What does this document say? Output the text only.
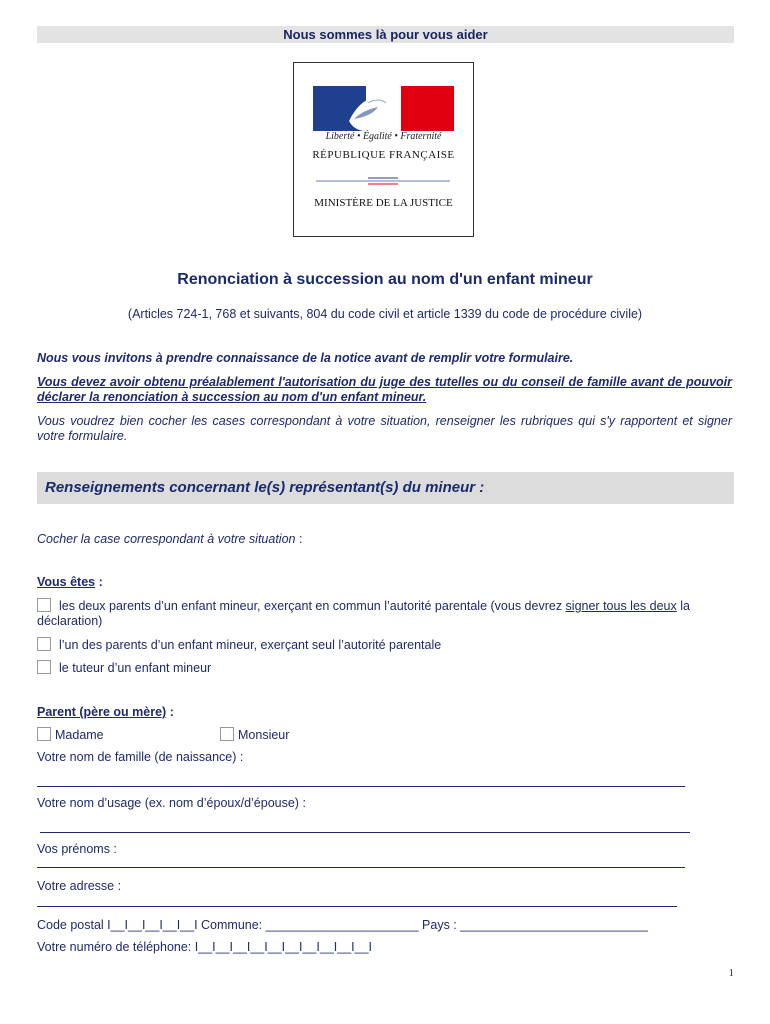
Nous sommes là pour vous aider
Liberté • Égalité • Fraternité
RÉPUBLIQUE FRANÇAISE
MINISTÈRE DE LA JUSTICE
Renonciation à succession au nom d'un enfant mineur
(Articles 724-1, 768 et suivants, 804 du code civil et article 1339 du code de procédure civile)
Nous vous invitons à prendre connaissance de la notice avant de remplir votre formulaire.
Vous devez avoir obtenu préalablement l'autorisation du juge des tutelles ou du conseil de famille avant de pouvoir déclarer la renonciation à succession au nom d'un enfant mineur.
Vous voudrez bien cocher les cases correspondant à votre situation, renseigner les rubriques qui s'y rapportent et signer votre formulaire.
Renseignements concernant le(s) représentant(s) du mineur :
Cocher la case correspondant à votre situation :
Vous êtes :
les deux parents d’un enfant mineur, exerçant en commun l’autorité parentale (vous devrez signer tous les deux la déclaration)
l’un des parents d’un enfant mineur, exerçant seul l’autorité parentale
le tuteur d’un enfant mineur
Parent (père ou mère) :
Madame	Monsieur
Votre nom de famille (de naissance) :
Votre nom d’usage (ex. nom d’époux/d’épouse) :
Vos prénoms :
Votre adresse :
Code postal I__I__I__I__I__I Commune: ______________________ Pays : ___________________________
Votre numéro de téléphone: I__I__I__I__I__I__I__I__I__I__I
1
